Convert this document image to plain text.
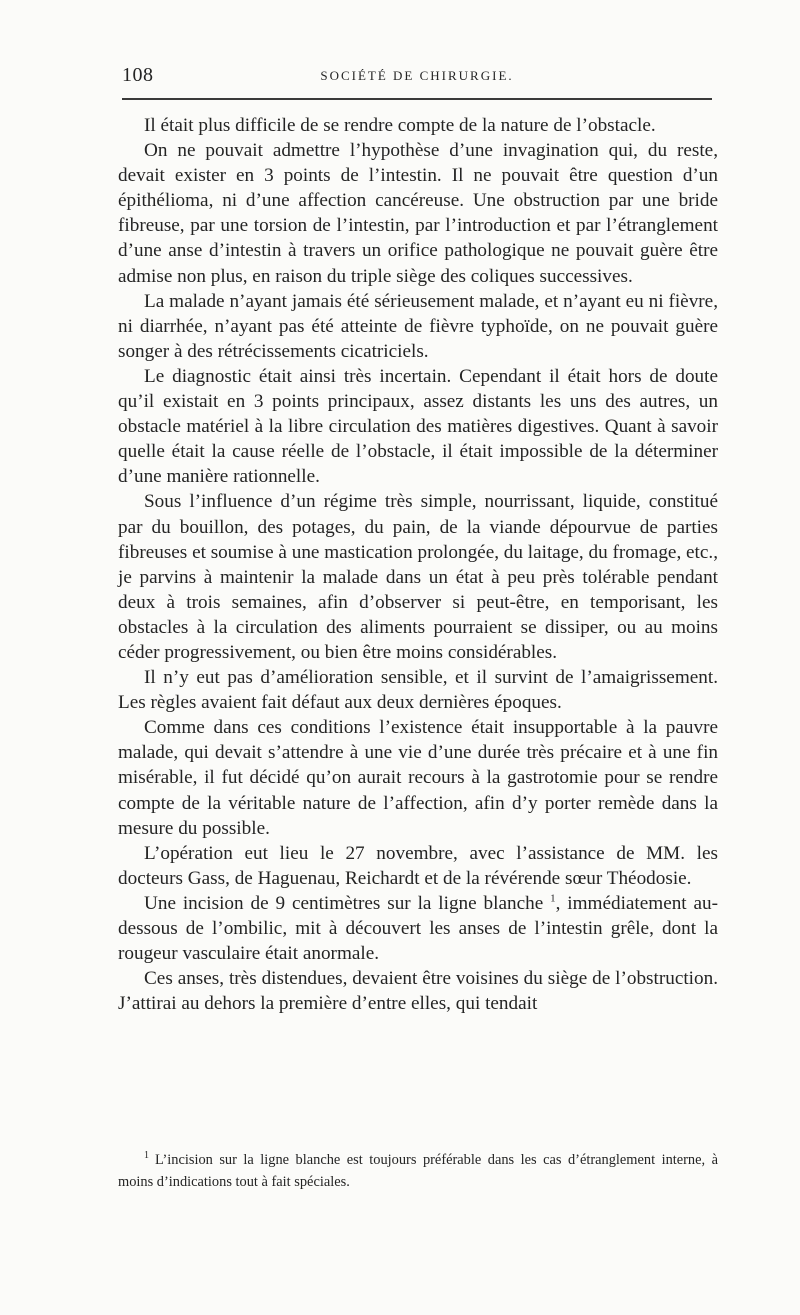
108	SOCIÉTÉ DE CHIRURGIE.

Il était plus difficile de se rendre compte de la nature de l’obstacle.

On ne pouvait admettre l’hypothèse d’une invagination qui, du reste, devait exister en 3 points de l’intestin. Il ne pouvait être question d’un épithélioma, ni d’une affection cancéreuse. Une obstruction par une bride fibreuse, par une torsion de l’intestin, par l’introduction et par l’étranglement d’une anse d’intestin à travers un orifice pathologique ne pouvait guère être admise non plus, en raison du triple siège des coliques successives.

La malade n’ayant jamais été sérieusement malade, et n’ayant eu ni fièvre, ni diarrhée, n’ayant pas été atteinte de fièvre typhoïde, on ne pouvait guère songer à des rétrécissements cicatriciels.

Le diagnostic était ainsi très incertain. Cependant il était hors de doute qu’il existait en 3 points principaux, assez distants les uns des autres, un obstacle matériel à la libre circulation des matières digestives. Quant à savoir quelle était la cause réelle de l’obstacle, il était impossible de la déterminer d’une manière rationnelle.

Sous l’influence d’un régime très simple, nourrissant, liquide, constitué par du bouillon, des potages, du pain, de la viande dépourvue de parties fibreuses et soumise à une mastication prolongée, du laitage, du fromage, etc., je parvins à maintenir la malade dans un état à peu près tolérable pendant deux à trois semaines, afin d’observer si peut-être, en temporisant, les obstacles à la circulation des aliments pourraient se dissiper, ou au moins céder progressivement, ou bien être moins considérables.

Il n’y eut pas d’amélioration sensible, et il survint de l’amaigrissement. Les règles avaient fait défaut aux deux dernières époques.

Comme dans ces conditions l’existence était insupportable à la pauvre malade, qui devait s’attendre à une vie d’une durée très précaire et à une fin misérable, il fut décidé qu’on aurait recours à la gastrotomie pour se rendre compte de la véritable nature de l’affection, afin d’y porter remède dans la mesure du possible.

L’opération eut lieu le 27 novembre, avec l’assistance de MM. les docteurs Gass, de Haguenau, Reichardt et de la révérende sœur Théodosie.

Une incision de 9 centimètres sur la ligne blanche $^1$, immédiatement au-dessous de l’ombilic, mit à découvert les anses de l’intestin grêle, dont la rougeur vasculaire était anormale.

Ces anses, très distendues, devaient être voisines du siège de l’obstruction. J’attirai au dehors la première d’entre elles, qui tendait

$^1$ L’incision sur la ligne blanche est toujours préférable dans les cas d’étranglement interne, à moins d’indications tout à fait spéciales.
